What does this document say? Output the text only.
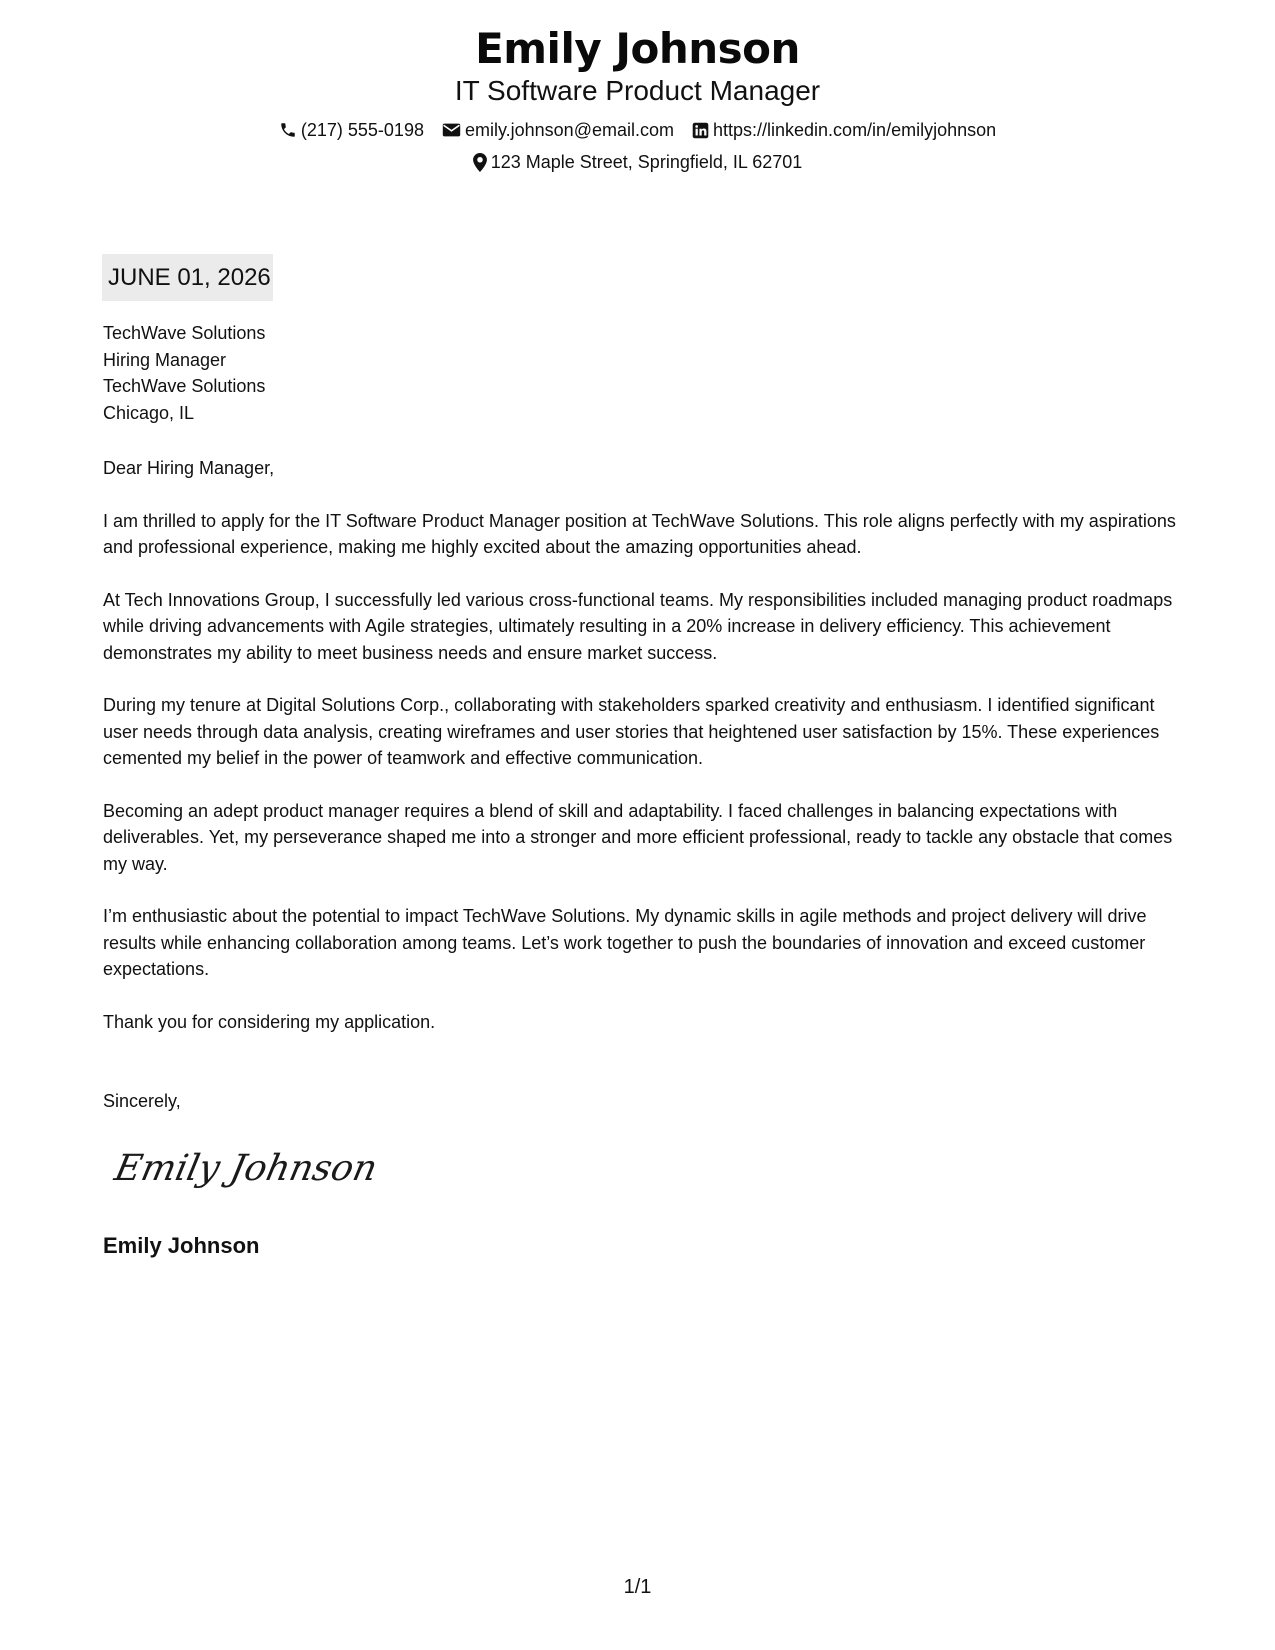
Emily Johnson
IT Software Product Manager
(217) 555-0198 emily.johnson@email.com https://linkedin.com/in/emilyjohnson
123 Maple Street, Springfield, IL 62701
JUNE 01, 2026
TechWave Solutions
Hiring Manager
TechWave Solutions
Chicago, IL

Dear Hiring Manager,

I am thrilled to apply for the IT Software Product Manager position at TechWave Solutions. This role aligns perfectly with my aspirations and professional experience, making me highly excited about the amazing opportunities ahead.

At Tech Innovations Group, I successfully led various cross-functional teams. My responsibilities included managing product roadmaps while driving advancements with Agile strategies, ultimately resulting in a 20% increase in delivery efficiency. This achievement demonstrates my ability to meet business needs and ensure market success.

During my tenure at Digital Solutions Corp., collaborating with stakeholders sparked creativity and enthusiasm. I identified significant user needs through data analysis, creating wireframes and user stories that heightened user satisfaction by 15%. These experiences cemented my belief in the power of teamwork and effective communication.

Becoming an adept product manager requires a blend of skill and adaptability. I faced challenges in balancing expectations with deliverables. Yet, my perseverance shaped me into a stronger and more efficient professional, ready to tackle any obstacle that comes my way.

I’m enthusiastic about the potential to impact TechWave Solutions. My dynamic skills in agile methods and project delivery will drive results while enhancing collaboration among teams. Let’s work together to push the boundaries of innovation and exceed customer expectations.

Thank you for considering my application.

Sincerely,
Emily Johnson
Emily Johnson
1/1
